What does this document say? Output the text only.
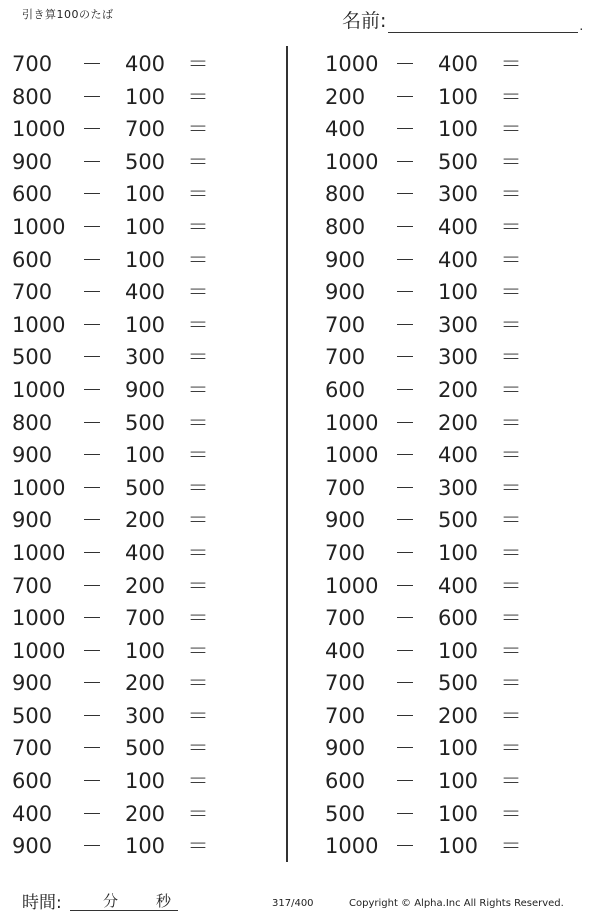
引き算100のたば	名前:	.
700	－ 400 ＝
800	－ 100 ＝
1000 － 700 ＝
900	－ 500 ＝
600	－ 100 ＝
1000 － 100 ＝
600	－ 100 ＝
700	－ 400 ＝
1000 － 100 ＝
500	－ 300 ＝
1000 － 900 ＝
800	－ 500 ＝
900	－ 100 ＝
1000 － 500 ＝
900	－ 200 ＝
1000 － 400 ＝
700	－ 200 ＝
1000 － 700 ＝
1000 － 100 ＝
900	－ 200 ＝
500	－ 300 ＝
700	－ 500 ＝
600	－ 100 ＝
400	－ 200 ＝
900	－ 100 ＝
1000 － 400 ＝
200	－ 100 ＝
400	－ 100 ＝
1000 － 500 ＝
800	－ 300 ＝
800	－ 400 ＝
900	－ 400 ＝
900	－ 100 ＝
700	－ 300 ＝
700	－ 300 ＝
600	－ 200 ＝
1000 － 200 ＝
1000 － 400 ＝
700	－ 300 ＝
900	－ 500 ＝
700	－ 100 ＝
1000 － 400 ＝
700	－ 600 ＝
400	－ 100 ＝
700	－ 500 ＝
700	－ 200 ＝
900	－ 100 ＝
600	－ 100 ＝
500	－ 100 ＝
1000 － 100 ＝
時間:	分	秒	317/400	Copyright © Alpha.Inc All Rights Reserved.
